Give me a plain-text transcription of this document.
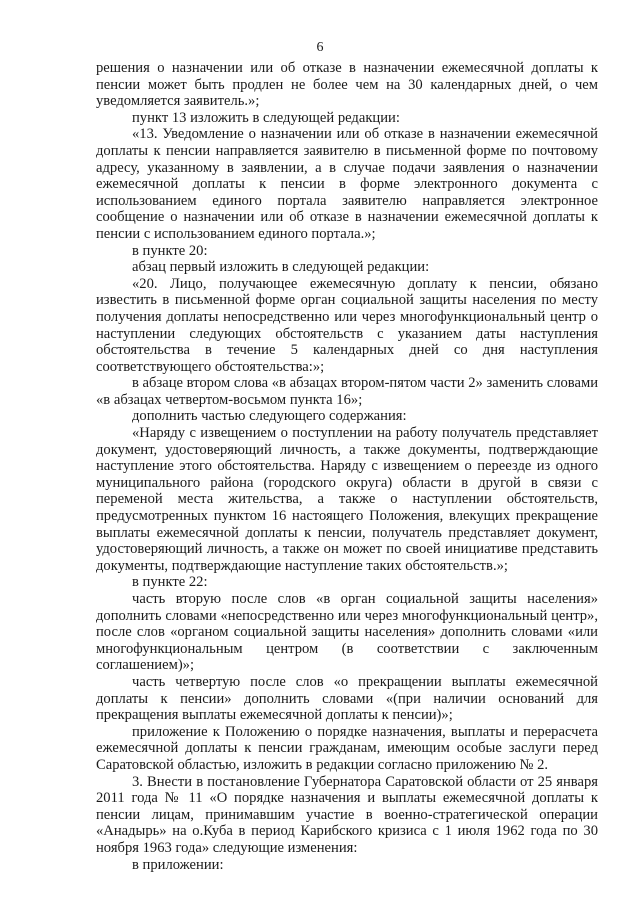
6

решения о назначении или об отказе в назначении ежемесячной доплаты к пенсии может быть продлен не более чем на 30 календарных дней, о чем уведомляется заявитель.»;

пункт 13 изложить в следующей редакции:

«13. Уведомление о назначении или об отказе в назначении ежемесячной доплаты к пенсии направляется заявителю в письменной форме по почтовому адресу, указанному в заявлении, а в случае подачи заявления о назначении ежемесячной доплаты к пенсии в форме электронного документа с использованием единого портала заявителю направляется электронное сообщение о назначении или об отказе в назначении ежемесячной доплаты к пенсии с использованием единого портала.»;

в пункте 20:

абзац первый изложить в следующей редакции:

«20. Лицо, получающее ежемесячную доплату к пенсии, обязано известить в письменной форме орган социальной защиты населения по месту получения доплаты непосредственно или через многофункциональный центр о наступлении следующих обстоятельств с указанием даты наступления обстоятельства в течение 5 календарных дней со дня наступления соответствующего обстоятельства:»;

в абзаце втором слова «в абзацах втором-пятом части 2» заменить словами «в абзацах четвертом-восьмом пункта 16»;

дополнить частью следующего содержания:

«Наряду с извещением о поступлении на работу получатель представляет документ, удостоверяющий личность, а также документы, подтверждающие наступление этого обстоятельства. Наряду с извещением о переезде из одного муниципального района (городского округа) области в другой в связи с переменой места жительства, а также о наступлении обстоятельств, предусмотренных пунктом 16 настоящего Положения, влекущих прекращение выплаты ежемесячной доплаты к пенсии, получатель представляет документ, удостоверяющий личность, а также он может по своей инициативе представить документы, подтверждающие наступление таких обстоятельств.»;

в пункте 22:

часть вторую после слов «в орган социальной защиты населения» дополнить словами «непосредственно или через многофункциональный центр», после слов «органом социальной защиты населения» дополнить словами «или многофункциональным центром (в соответствии с заключенным соглашением)»;

часть четвертую после слов «о прекращении выплаты ежемесячной доплаты к пенсии» дополнить словами «(при наличии оснований для прекращения выплаты ежемесячной доплаты к пенсии)»;

приложение к Положению о порядке назначения, выплаты и перерасчета ежемесячной доплаты к пенсии гражданам, имеющим особые заслуги перед Саратовской областью, изложить в редакции согласно приложению № 2.

3. Внести в постановление Губернатора Саратовской области от 25 января 2011 года № 11 «О порядке назначения и выплаты ежемесячной доплаты к пенсии лицам, принимавшим участие в военно-стратегической операции «Анадырь» на о.Куба в период Карибского кризиса с 1 июля 1962 года по 30 ноября 1963 года» следующие изменения:

в приложении:
